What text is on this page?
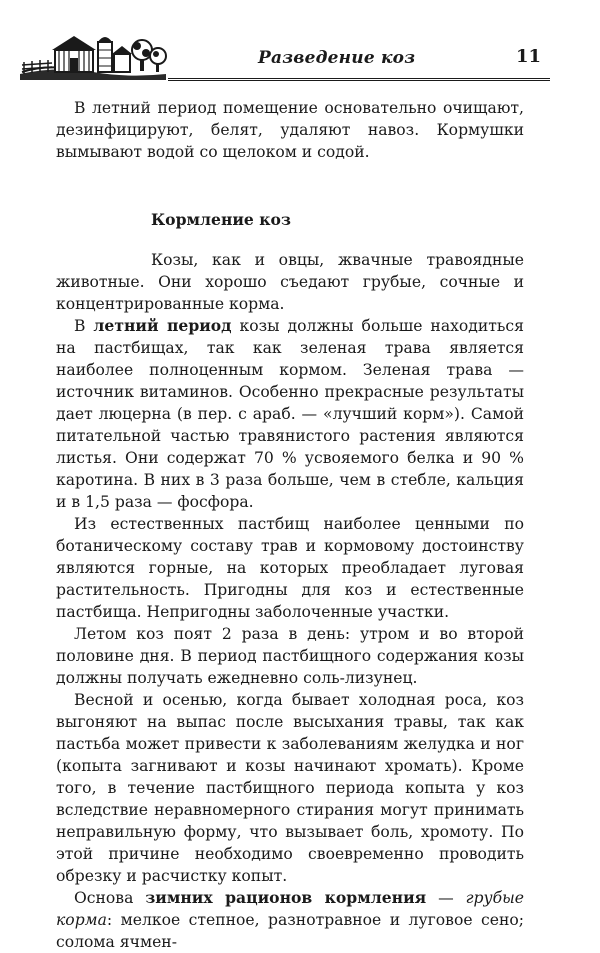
Разведение коз	11

В летний период помещение основательно очищают, дезинфицируют, белят, удаляют навоз. Кормушки вымывают водой со щелоком и содой.

Кормление коз

Козы, как и овцы, жвачные травоядные животные. Они хорошо съедают грубые, сочные и концентрированные корма.

В летний период козы должны больше находиться на пастбищах, так как зеленая трава является наиболее полноценным кормом. Зеленая трава — источник витаминов. Особенно прекрасные результаты дает люцерна (в пер. с араб. — «лучший корм»). Самой питательной частью травянистого растения являются листья. Они содержат 70 % усвояемого белка и 90 % каротина. В них в 3 раза больше, чем в стебле, кальция и в 1,5 раза — фосфора.

Из естественных пастбищ наиболее ценными по ботаническому составу трав и кормовому достоинству являются горные, на которых преобладает луговая растительность. Пригодны для коз и естественные пастбища. Непригодны заболоченные участки.

Летом коз поят 2 раза в день: утром и во второй половине дня. В период пастбищного содержания козы должны получать ежедневно соль-лизунец.

Весной и осенью, когда бывает холодная роса, коз выгоняют на выпас после высыхания травы, так как пастьба может привести к заболеваниям желудка и ног (копыта загнивают и козы начинают хромать). Кроме того, в течение пастбищного периода копыта у коз вследствие неравномерного стирания могут принимать неправильную форму, что вызывает боль, хромоту. По этой причине необходимо своевременно проводить обрезку и расчистку копыт.

Основа зимних рационов кормления — грубые корма: мелкое степное, разнотравное и луговое сено; солома ячмен-
